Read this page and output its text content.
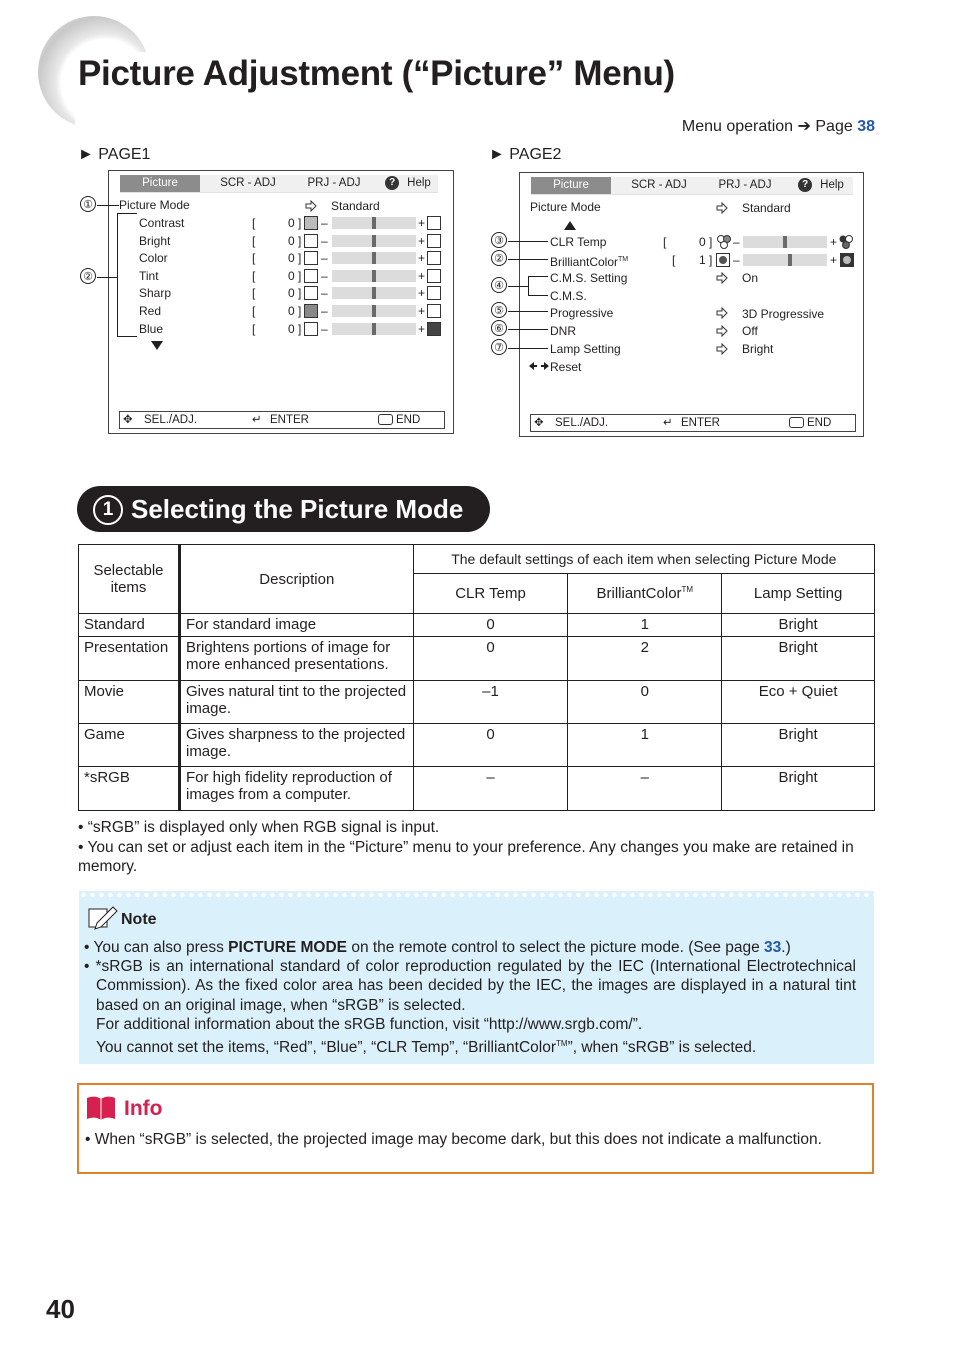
Picture Adjustment (“Picture” Menu)
Menu operation ➔ Page 38
► PAGE1	► PAGE2
Picture	SCR - ADJ	PRJ - ADJ	? Help
Picture Mode	Standard
✥ SEL./ADJ.	↵ ENTER	END
Contrast	[	0 ] –	+
Bright	[	0 ] –	+
Color	[	0 ] –	+
Tint	[	0 ] –	+
Sharp	[	0 ] –	+
Red	[	0 ] –	+
Blue	[	0 ] –	+
①
②
Picture	SCR - ADJ	PRJ - ADJ	? Help
Picture Mode	Standard
CLR Temp	[	0 ] –	+
BrilliantColor™	[ 1 ] –	+
C.M.S. Setting	On
C.M.S.
Progressive	3D Progressive
DNR	Off
Lamp Setting	Bright
Reset
✥ SEL./ADJ.	↵ ENTER	END
③
②
④
⑤
⑥
⑦
1 Selecting the Picture Mode
Selectable items	Description	The default settings of each item when selecting Picture Mode		
		CLR Temp	BrilliantColor™	Lamp Setting
Standard	For standard image	0	1	Bright
Presentation	Brightens portions of image for more enhanced presentations.	0	2	Bright
Movie	Gives natural tint to the projected image.	–1	0	Eco + Quiet
Game	Gives sharpness to the projected image.	0	1	Bright
*sRGB	For high fidelity reproduction of images from a computer.	–	–	Bright
• “sRGB” is displayed only when RGB signal is input.
• You can set or adjust each item in the “Picture” menu to your preference. Any changes you make are retained in memory.
Note
• You can also press PICTURE MODE on the remote control to select the picture mode. (See page 33.)
• *sRGB is an international standard of color reproduction regulated by the IEC (International Electrotechnical Commission). As the fixed color area has been decided by the IEC, the images are displayed in a natural tint based on an original image, when “sRGB” is selected.
For additional information about the sRGB function, visit “http://www.srgb.com/”.
You cannot set the items, “Red”, “Blue”, “CLR Temp”, “BrilliantColor™”, when “sRGB” is selected.
Info
• When “sRGB” is selected, the projected image may become dark, but this does not indicate a malfunction.
40
